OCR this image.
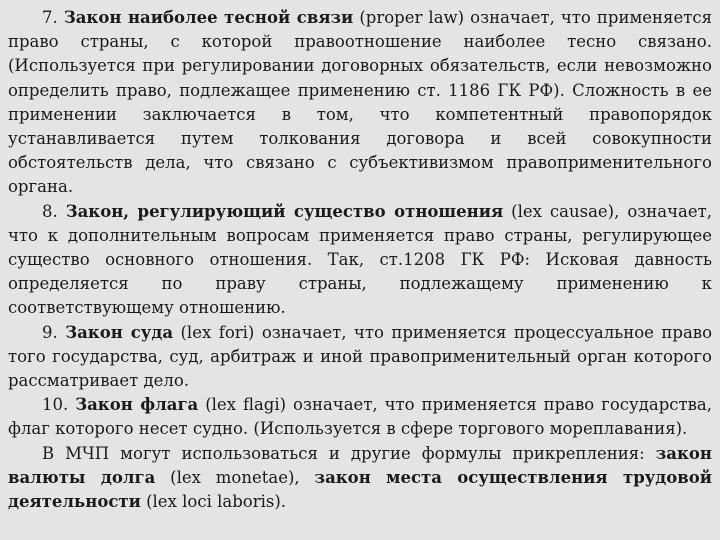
7. Закон наиболее тесной связи (proper law) означает, что применяется право страны, с которой правоотношение наиболее тесно связано. (Используется при регулировании договорных обязательств, если невозможно определить право, подлежащее применению ст. 1186 ГК РФ). Сложность в ее применении заключается в том, что компетентный правопорядок устанавливается путем толкования договора и всей совокупности обстоятельств дела, что связано с субъективизмом правоприменительного органа.

8. Закон, регулирующий существо отношения (lex causae), означает, что к дополнительным вопросам применяется право страны, регулирующее существо основного отношения. Так, ст.1208 ГК РФ: Исковая давность определяется по праву страны, подлежащему применению к соответствующему отношению.

9. Закон суда (lex fori) означает, что применяется процессуальное право того государства, суд, арбитраж и иной правоприменительный орган которого рассматривает дело.

10. Закон флага (lex flagi) означает, что применяется право государства, флаг которого несет судно. (Используется в сфере торгового мореплавания).

В МЧП могут использоваться и другие формулы прикрепления: закон валюты долга (lex monetae), закон места осуществления трудовой деятельности (lex loci laboris).
